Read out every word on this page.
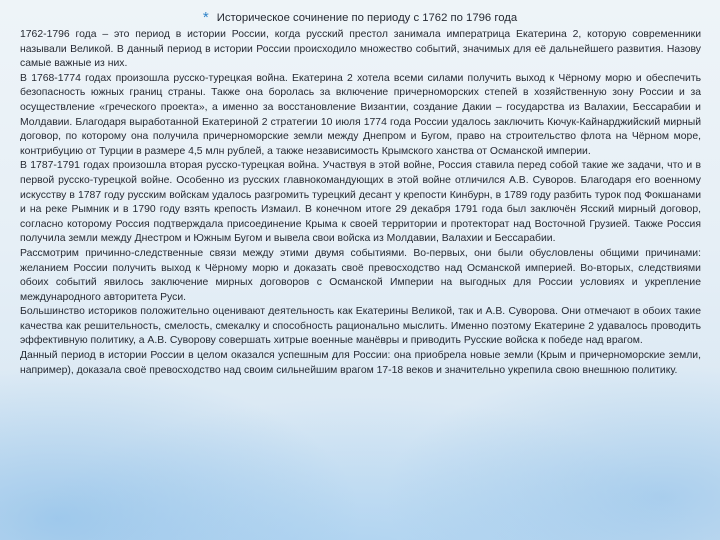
* Историческое сочинение по периоду с 1762 по 1796 года

1762-1796 года – это период в истории России, когда русский престол занимала императрица Екатерина 2, которую современники называли Великой. В данный период в истории России происходило множество событий, значимых для её дальнейшего развития. Назову самые важные из них.

В 1768-1774 годах произошла русско-турецкая война. Екатерина 2 хотела всеми силами получить выход к Чёрному морю и обеспечить безопасность южных границ страны. Также она боролась за включение причерноморских степей в хозяйственную зону России и за осуществление «греческого проекта», а именно за восстановление Византии, создание Дакии – государства из Валахии, Бессарабии и Молдавии. Благодаря выработанной Екатериной 2 стратегии 10 июля 1774 года России удалось заключить Кючук-Кайнарджийский мирный договор, по которому она получила причерноморские земли между Днепром и Бугом, право на строительство флота на Чёрном море, контрибуцию от Турции в размере 4,5 млн рублей, а также независимость Крымского ханства от Османской империи.

В 1787-1791 годах произошла вторая русско-турецкая война. Участвуя в этой войне, Россия ставила перед собой такие же задачи, что и в первой русско-турецкой войне. Особенно из русских главнокомандующих в этой войне отличился А.В. Суворов. Благодаря его военному искусству в 1787 году русским войскам удалось разгромить турецкий десант у крепости Кинбурн, в 1789 году разбить турок под Фокшанами и на реке Рымник и в 1790 году взять крепость Измаил. В конечном итоге 29 декабря 1791 года был заключён Ясский мирный договор, согласно которому Россия подтверждала присоединение Крыма к своей территории и протекторат над Восточной Грузией. Также Россия получила земли между Днестром и Южным Бугом и вывела свои войска из Молдавии, Валахии и Бессарабии.

Рассмотрим причинно-следственные связи между этими двумя событиями. Во-первых, они были обусловлены общими причинами: желанием России получить выход к Чёрному морю и доказать своё превосходство над Османской империей. Во-вторых, следствиями обоих событий явилось заключение мирных договоров с Османской Империи на выгодных для России условиях и укрепление международного авторитета Руси.

Большинство историков положительно оценивают деятельность как Екатерины Великой, так и А.В. Суворова. Они отмечают в обоих такие качества как решительность, смелость, смекалку и способность рационально мыслить. Именно поэтому Екатерине 2 удавалось проводить эффективную политику, а А.В. Суворову совершать хитрые военные манёвры и приводить Русские войска к победе над врагом.

Данный период в истории России в целом оказался успешным для России: она приобрела новые земли (Крым и причерноморские земли, например), доказала своё превосходство над своим сильнейшим врагом 17-18 веков и значительно укрепила свою внешнюю политику.
